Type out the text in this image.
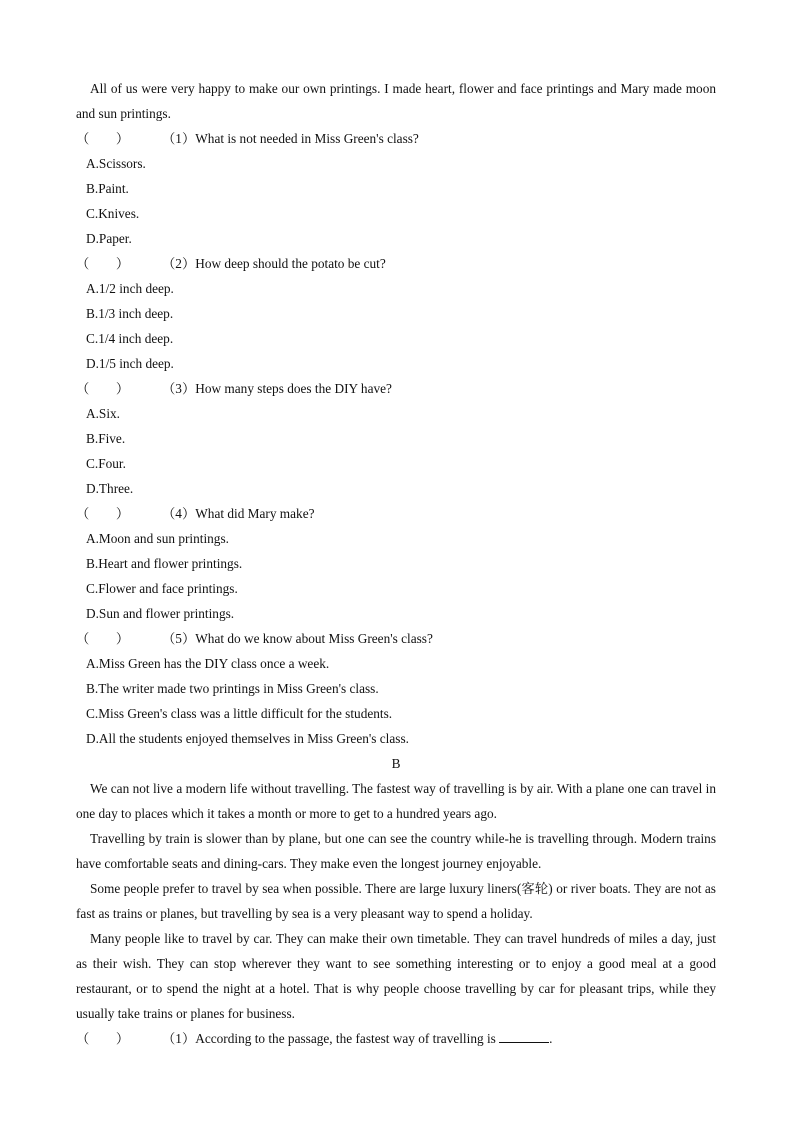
All of us were very happy to make our own printings. I made heart, flower and face printings and Mary made moon and sun printings.

（        ） （1）What is not needed in Miss Green's class?

A.Scissors.

B.Paint.

C.Knives.

D.Paper.

（        ） （2）How deep should the potato be cut?

A.1/2 inch deep.

B.1/3 inch deep.

C.1/4 inch deep.

D.1/5 inch deep.

（        ） （3）How many steps does the DIY have?

A.Six.

B.Five.

C.Four.

D.Three.

（        ） （4）What did Mary make?

A.Moon and sun printings.

B.Heart and flower printings.

C.Flower and face printings.

D.Sun and flower printings.

（        ） （5）What do we know about Miss Green's class?

A.Miss Green has the DIY class once a week.

B.The writer made two printings in Miss Green's class.

C.Miss Green's class was a little difficult for the students.

D.All the students enjoyed themselves in Miss Green's class.

B

We can not live a modern life without travelling. The fastest way of travelling is by air. With a plane one can travel in one day to places which it takes a month or more to get to a hundred years ago.

Travelling by train is slower than by plane, but one can see the country while-he is travelling through. Modern trains have comfortable seats and dining-cars. They make even the longest journey enjoyable.

Some people prefer to travel by sea when possible. There are large luxury liners(客轮) or river boats. They are not as fast as trains or planes, but travelling by sea is a very pleasant way to spend a holiday.

Many people like to travel by car. They can make their own timetable. They can travel hundreds of miles a day, just as their wish. They can stop wherever they want to see something interesting or to enjoy a good meal at a good restaurant, or to spend the night at a hotel. That is why people choose travelling by car for pleasant trips, while they usually take trains or planes for business.

（        ） （1）According to the passage, the fastest way of travelling is	.
